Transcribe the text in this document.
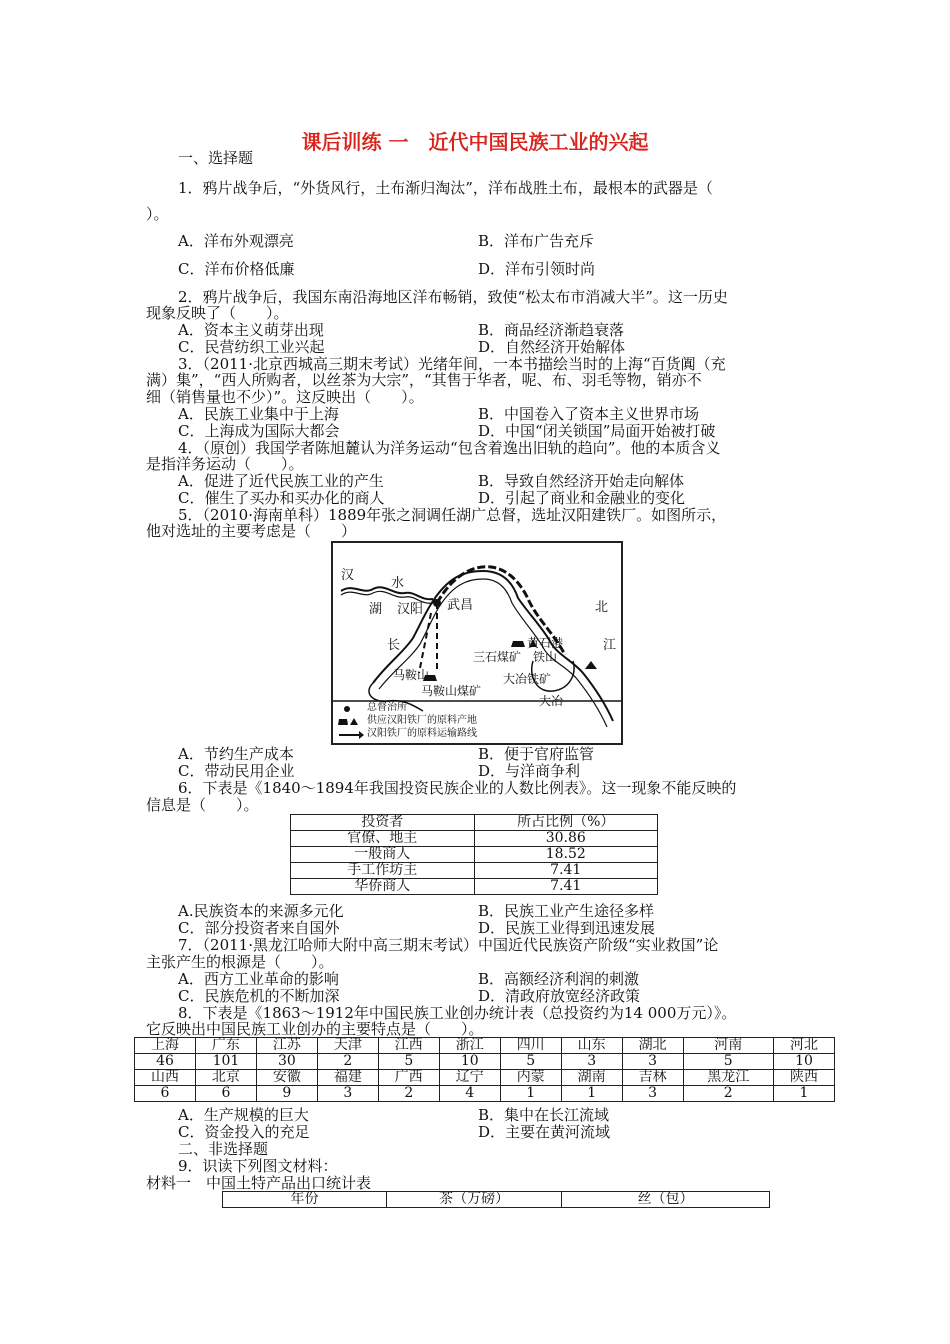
课后训练 一　近代中国民族工业的兴起
一、选择题
1．鸦片战争后，“外货风行，土布渐归淘汰”，洋布战胜土布，最根本的武器是（
）。
A．洋布外观漂亮	B．洋布广告充斥
C．洋布价格低廉	D．洋布引领时尚
2．鸦片战争后，我国东南沿海地区洋布畅销，致使“松太布市消减大半”。这一历史
现象反映了（　　）。
A．资本主义萌芽出现	B．商品经济渐趋衰落
C．民营纺织工业兴起	D．自然经济开始解体
3．（2011·北京西城高三期末考试）光绪年间，一本书描绘当时的上海“百货阗（充
满）集”，“西人所购者，以丝茶为大宗”，“其售于华者，呢、布、羽毛等物，销亦不
细（销售量也不少）”。这反映出（　　）。
A．民族工业集中于上海	B．中国卷入了资本主义世界市场
C．上海成为国际大都会	D．中国“闭关锁国”局面开始被打破
4．（原创）我国学者陈旭麓认为洋务运动“包含着逸出旧轨的趋向”。他的本质含义
是指洋务运动（　　）。
A．促进了近代民族工业的产生	B．导致自然经济开始走向解体
C．催生了买办和买办化的商人	D．引起了商业和金融业的变化
5．（2010·海南单科）1889年张之洞调任湖广总督，选址汉阳建铁厂。如图所示，
他对选址的主要考虑是（　　）
汉
水
湖 汉阳 武昌	北
长	江
黄石港
三石煤矿 铁山
马鞍山
马鞍山煤矿
大冶铁矿
大冶
总督治所
供应汉阳铁厂的原料产地
汉阳铁厂的原料运输路线
A．节约生产成本	B．便于官府监管
C．带动民用企业	D．与洋商争利
6．下表是《1840～1894年我国投资民族企业的人数比例表》。这一现象不能反映的
信息是（　　）。
投资者	所占比例（%）
官僚、地主	30.86
一般商人	18.52
手工作坊主	7.41
华侨商人	7.41
A.民族资本的来源多元化	B．民族工业产生途径多样
C．部分投资者来自国外	D．民族工业得到迅速发展
7．（2011·黑龙江哈师大附中高三期末考试）中国近代民族资产阶级“实业救国”论
主张产生的根源是（　　）。
A．西方工业革命的影响	B．高额经济利润的刺激
C．民族危机的不断加深	D．清政府放宽经济政策
8．下表是《1863～1912年中国民族工业创办统计表（总投资约为14 000万元）》。
它反映出中国民族工业创办的主要特点是（　　）。
上海	广东	江苏	天津	江西	浙江	四川	山东	湖北	河南	河北
46	101	30	2	5	10	5	3	3	5	10
山西	北京	安徽	福建	广西	辽宁	内蒙	湖南	吉林	黑龙江	陕西
6	6	9	3	2	4	1	1	3	2	1
A．生产规模的巨大	B．集中在长江流域
C．资金投入的充足	D．主要在黄河流域
二、非选择题
9．识读下列图文材料：
材料一　中国土特产品出口统计表
年份	茶（万磅）	丝（包）
